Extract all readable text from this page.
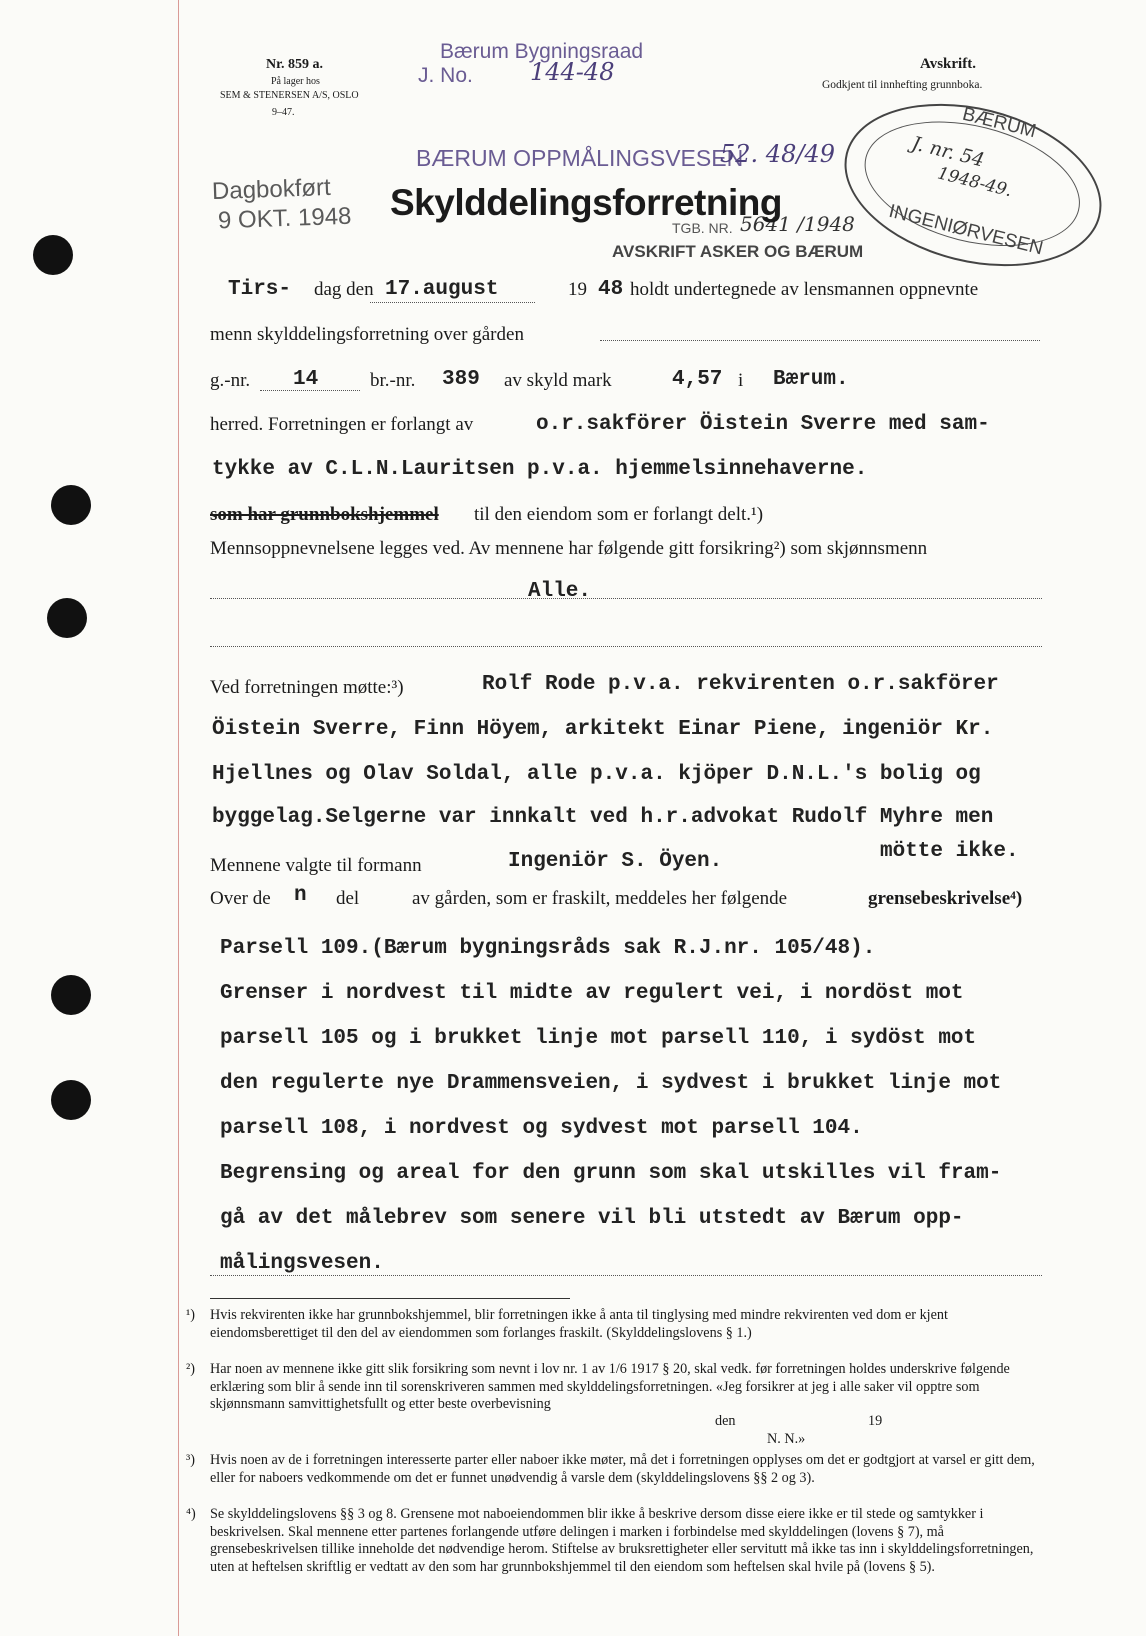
Nr. 859 a.
På lager hos
SEM & STENERSEN A/S, OSLO
9–47.
Bærum Bygningsraad
J. No. 144-48
BÆRUM OPPMÅLINGSVESEN
52. 48/49
Dagbokført
9 OKT. 1948	TGB. NR. 5641 /1948
AVSKRIFT ASKER OG BÆRUM
BÆRUM
J. nr. 54
1948-49.
INGENIØRVESEN
Avskrift.
Godkjent til innhefting grunnboka.
Skylddelingsforretning
Tirs- dag den 17.august	19 48 holdt undertegnede av lensmannen oppnevnte
menn skylddelingsforretning over gården
g.-nr. 14	br.-nr. 389 av skyld mark	4,57 i Bærum.
herred. Forretningen er forlangt av	o.r.sakförer Öistein Sverre med sam-
tykke av C.L.N.Lauritsen p.v.a. hjemmelsinnehaverne.
som har grunnbokshjemmel til den eiendom som er forlangt delt.¹)
Mennsoppnevnelsene legges ved. Av mennene har følgende gitt forsikring²) som skjønnsmenn
Alle.
Ved forretningen møtte:³)	Rolf Rode p.v.a. rekvirenten o.r.sakförer
Öistein Sverre, Finn Höyem, arkitekt Einar Piene, ingeniör Kr.
Hjellnes og Olav Soldal, alle p.v.a. kjöper D.N.L.'s bolig og
byggelag.Selgerne var innkalt ved h.r.advokat Rudolf Myhre men
mötte ikke.
Mennene valgte til formann	Ingeniör S. Öyen.
Over de n del	av gården, som er fraskilt, meddeles her følgende	grensebeskrivelse⁴)
Parsell 109.(Bærum bygningsråds sak R.J.nr. 105/48).
Grenser i nordvest til midte av regulert vei, i nordöst mot
parsell 105 og i brukket linje mot parsell 110, i sydöst mot
den regulerte nye Drammensveien, i sydvest i brukket linje mot
parsell 108, i nordvest og sydvest mot parsell 104.
Begrensing og areal for den grunn som skal utskilles vil fram-
gå av det målebrev som senere vil bli utstedt av Bærum opp-
målingsvesen.
¹) Hvis rekvirenten ikke har grunnbokshjemmel, blir forretningen ikke å anta til tinglysing med mindre rekvirenten ved dom er kjent eiendomsberettiget til den del av eiendommen som forlanges fraskilt. (Skylddelingslovens § 1.)
²) Har noen av mennene ikke gitt slik forsikring som nevnt i lov nr. 1 av 1/6 1917 § 20, skal vedk. før forretningen holdes underskrive følgende erklæring som blir å sende inn til sorenskriveren sammen med skylddelingsforretningen. «Jeg forsikrer at jeg i alle saker vil opptre som skjønnsmann samvittighetsfullt og etter beste overbevisning
den	19
N. N.»
³) Hvis noen av de i forretningen interesserte parter eller naboer ikke møter, må det i forretningen opplyses om det er godtgjort at varsel er gitt dem, eller for naboers vedkommende om det er funnet unødvendig å varsle dem (skylddelingslovens §§ 2 og 3).
⁴) Se skylddelingslovens §§ 3 og 8. Grensene mot naboeiendommen blir ikke å beskrive dersom disse eiere ikke er til stede og samtykker i beskrivelsen. Skal mennene etter partenes forlangende utføre delingen i marken i forbindelse med skylddelingen (lovens § 7), må grensebeskrivelsen tillike inneholde det nødvendige herom. Stiftelse av bruksrettigheter eller servitutt må ikke tas inn i skylddelingsforretningen, uten at heftelsen skriftlig er vedtatt av den som har grunnbokshjemmel til den eiendom som heftelsen skal hvile på (lovens § 5).
